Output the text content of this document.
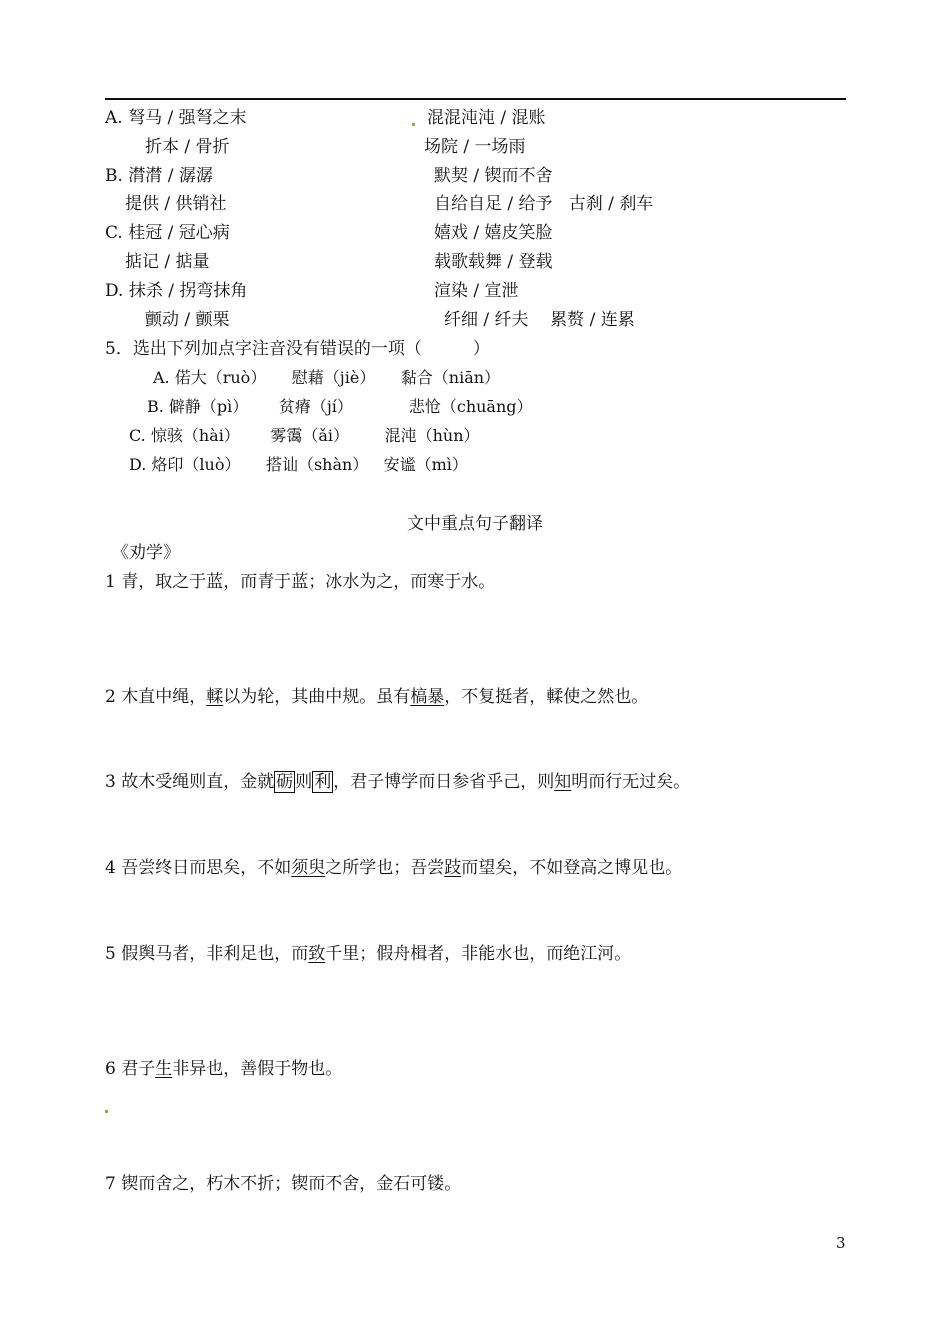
A. 弩马 / 强弩之末
折本 / 骨折
混混沌沌 / 混账
场院 / 一场雨
B. 潸潸 / 潺潺
提供 / 供销社
默契 / 锲而不舍
自给自足 / 给予 古刹 / 刹车
C. 桂冠 / 冠心病
掂记 / 掂量
嬉戏 / 嬉皮笑脸
载歌载舞 / 登载
D. 抹杀 / 拐弯抹角
颤动 / 颤栗
渲染 / 宣泄
纤细 / 纤夫 累赘 / 连累
5．选出下列加点字注音没有错误的一项（　　　）
A. 偌大（ruò） 慰藉（jiè） 黏合（niān）
B. 僻静（pì） 贫瘠（jí）	悲怆（chuāng）
C. 惊骇（hài） 雾霭（ǎi） 混沌（hùn）
D. 烙印（luò） 搭讪（shàn） 安谧（mì）
文中重点句子翻译
《劝学》
1 青，取之于蓝，而青于蓝；冰水为之，而寒于水。
2 木直中绳，輮以为轮，其曲中规。虽有槁暴，不复挺者，輮使之然也。
3 故木受绳则直，金就 砺 则 利 ，君子博学而日参省乎己，则知明而行无过矣。
4 吾尝终日而思矣，不如须臾之所学也；吾尝跂而望矣，不如登高之博见也。
5 假舆马者，非利足也，而致千里；假舟楫者，非能水也，而绝江河。
6 君子生非异也，善假于物也。
7 锲而舍之，朽木不折；锲而不舍，金石可镂。
3
